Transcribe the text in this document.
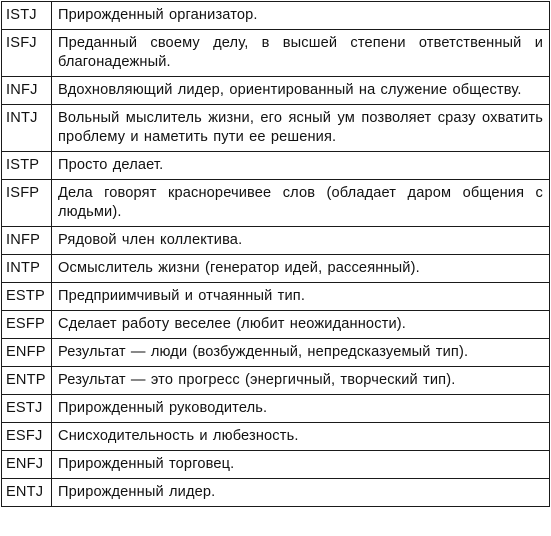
ISTJ	Прирожденный организатор.
ISFJ	Преданный своему делу, в высшей степени ответственный и благонадежный.
INFJ	Вдохновляющий лидер, ориентированный на служение обществу.
INTJ	Вольный мыслитель жизни, его ясный ум позволяет сразу охватить проблему и наметить пути ее решения.
ISTP	Просто делает.
ISFP	Дела говорят красноречивее слов (обладает даром общения с людьми).
INFP	Рядовой член коллектива.
INTP	Осмыслитель жизни (генератор идей, рассеянный).
ESTP	Предприимчивый и отчаянный тип.
ESFP	Сделает работу веселее (любит неожиданности).
ENFP	Результат — люди (возбужденный, непредсказуемый тип).
ENTP	Результат — это прогресс (энергичный, творческий тип).
ESTJ	Прирожденный руководитель.
ESFJ	Снисходительность и любезность.
ENFJ	Прирожденный торговец.
ENTJ	Прирожденный лидер.
